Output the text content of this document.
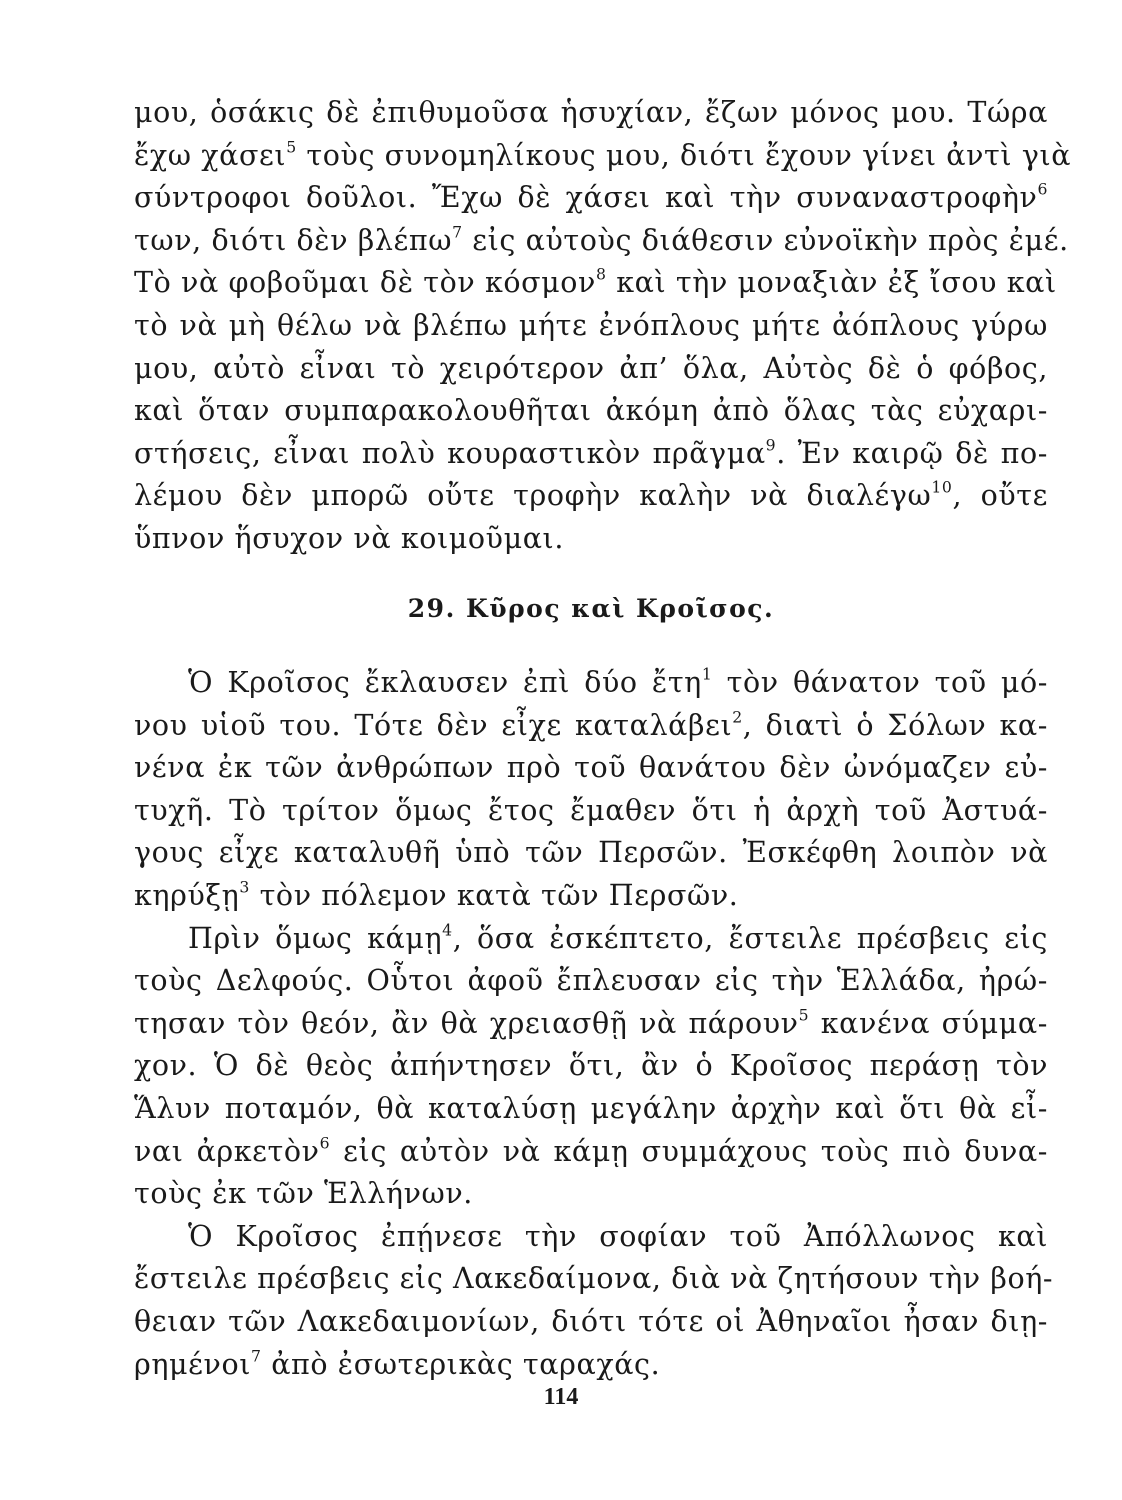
μου, ὁσάκις δὲ ἐπιθυμοῦσα ἡσυχίαν, ἔζων μόνος μου. Τώρα
ἔχω χάσει$^5$ τοὺς συνομηλίκους μου, διότι ἔχουν γίνει ἀντὶ γιὰ
σύντροφοι δοῦλοι. Ἔχω δὲ χάσει καὶ τὴν συναναστροφὴν$^6$
των, διότι δὲν βλέπω$^7$ εἰς αὐτοὺς διάθεσιν εὐνοϊκὴν πρὸς ἐμέ.
Τὸ νὰ φοβοῦμαι δὲ τὸν κόσμον$^8$ καὶ τὴν μοναξιὰν ἐξ ἴσου καὶ
τὸ νὰ μὴ θέλω νὰ βλέπω μήτε ἐνόπλους μήτε ἀόπλους γύρω
μου, αὐτὸ εἶναι τὸ χειρότερον ἀπ’ ὅλα, Αὐτὸς δὲ ὁ φόβος,
καὶ ὅταν συμπαρακολουθῆται ἀκόμη ἀπὸ ὅλας τὰς εὐχαρι-
στήσεις, εἶναι πολὺ κουραστικὸν πρᾶγμα$^9$. Ἐν καιρῷ δὲ πο-
λέμου δὲν μπορῶ οὔτε τροφὴν καλὴν νὰ διαλέγω$^{10}$, οὔτε
ὕπνον ἥσυχον νὰ κοιμοῦμαι.
29. Κῦρος καὶ Κροῖσος.
Ὁ Κροῖσος ἔκλαυσεν ἐπὶ δύο ἔτη$^1$ τὸν θάνατον τοῦ μό-
νου υἱοῦ του. Τότε δὲν εἶχε καταλάβει$^2$, διατὶ ὁ Σόλων κα-
νένα ἐκ τῶν ἀνθρώπων πρὸ τοῦ θανάτου δὲν ὠνόμαζεν εὐ-
τυχῆ. Τὸ τρίτον ὅμως ἔτος ἔμαθεν ὅτι ἡ ἀρχὴ τοῦ Ἀστυά-
γους εἶχε καταλυθῆ ὑπὸ τῶν Περσῶν. Ἐσκέφθη λοιπὸν νὰ
κηρύξῃ$^3$ τὸν πόλεμον κατὰ τῶν Περσῶν.
Πρὶν ὅμως κάμῃ$^4$, ὅσα ἐσκέπτετο, ἔστειλε πρέσβεις εἰς
τοὺς Δελφούς. Οὗτοι ἀφοῦ ἔπλευσαν εἰς τὴν Ἑλλάδα, ἠρώ-
τησαν τὸν θεόν, ἂν θὰ χρειασθῇ νὰ πάρουν$^5$ κανένα σύμμα-
χον. Ὁ δὲ θεὸς ἀπήντησεν ὅτι, ἂν ὁ Κροῖσος περάσῃ τὸν
Ἅλυν ποταμόν, θὰ καταλύσῃ μεγάλην ἀρχὴν καὶ ὅτι θὰ εἶ-
ναι ἀρκετὸν$^6$ εἰς αὐτὸν νὰ κάμῃ συμμάχους τοὺς πιὸ δυνα-
τοὺς ἐκ τῶν Ἑλλήνων.
Ὁ Κροῖσος ἐπῄνεσε τὴν σοφίαν τοῦ Ἀπόλλωνος καὶ
ἔστειλε πρέσβεις εἰς Λακεδαίμονα, διὰ νὰ ζητήσουν τὴν βοή-
θειαν τῶν Λακεδαιμονίων, διότι τότε οἱ Ἀθηναῖοι ἦσαν διῃ-
ρημένοι$^7$ ἀπὸ ἐσωτερικὰς ταραχάς.
114
